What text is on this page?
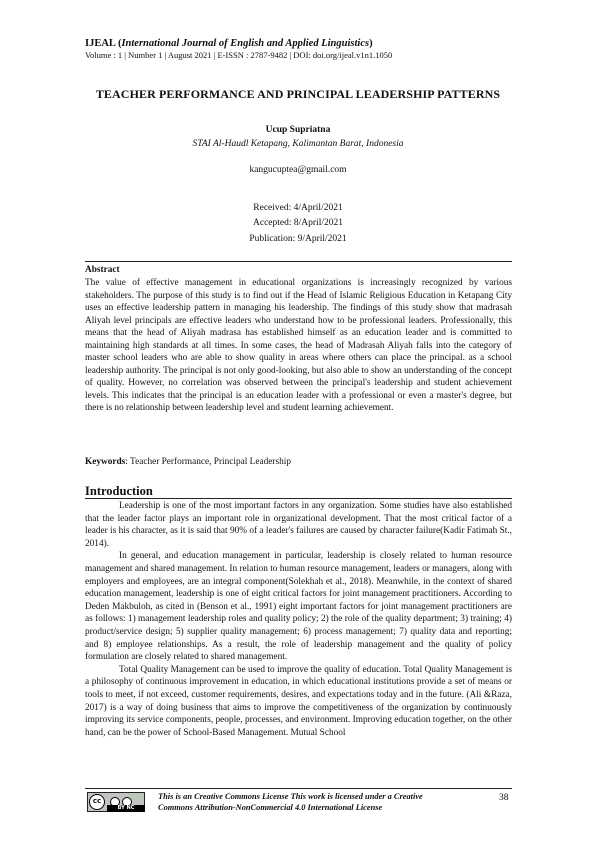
IJEAL (International Journal of English and Applied Linguistics)
Volume : 1 | Number 1 | August 2021 | E-ISSN : 2787-9482 | DOI: doi.org/ijeal.v1n1.1050
TEACHER PERFORMANCE AND PRINCIPAL LEADERSHIP PATTERNS
Ucup Supriatna
STAI Al-Haudl Ketapang, Kalimantan Barat, Indonesia
kangucuptea@gmail.com
Received: 4/April/2021
Accepted: 8/April/2021
Publication: 9/April/2021
Abstract

The value of effective management in educational organizations is increasingly recognized by various stakeholders. The purpose of this study is to find out if the Head of Islamic Religious Education in Ketapang City uses an effective leadership pattern in managing his leadership. The findings of this study show that madrasah Aliyah level principals are effective leaders who understand how to be professional leaders. Professionally, this means that the head of Aliyah madrasa has established himself as an education leader and is committed to maintaining high standards at all times. In some cases, the head of Madrasah Aliyah falls into the category of master school leaders who are able to show quality in areas where others can place the principal. as a school leadership authority. The principal is not only good-looking, but also able to show an understanding of the concept of quality. However, no correlation was observed between the principal's leadership and student achievement levels. This indicates that the principal is an education leader with a professional or even a master's degree, but there is no relationship between leadership level and student learning achievement.

Keywords: Teacher Performance, Principal Leadership
Introduction

Leadership is one of the most important factors in any organization. Some studies have also established that the leader factor plays an important role in organizational development. That the most critical factor of a leader is his character, as it is said that 90% of a leader's failures are caused by character failure(Kadir Fatimah St., 2014).

In general, and education management in particular, leadership is closely related to human resource management and shared management. In relation to human resource management, leaders or managers, along with employers and employees, are an integral component(Solekhah et al., 2018). Meanwhile, in the context of shared education management, leadership is one of eight critical factors for joint management practitioners. According to Deden Makbuloh, as cited in (Benson et al., 1991) eight important factors for joint management practitioners are as follows: 1) management leadership roles and quality policy; 2) the role of the quality department; 3) training; 4) product/service design; 5) supplier quality management; 6) process management; 7) quality data and reporting; and 8) employee relationships. As a result, the role of leadership management and the quality of policy formulation are closely related to shared management.

Total Quality Management can be used to improve the quality of education. Total Quality Management is a philosophy of continuous improvement in education, in which educational institutions provide a set of means or tools to meet, if not exceed, customer requirements, desires, and expectations today and in the future. (Ali &Raza, 2017) is a way of doing business that aims to improve the competitiveness of the organization by continuously improving its service components, people, processes, and environment. Improving education together, on the other hand, can be the power of School-Based Management. Mutual School

cc
BY NC
This is an Creative Commons License This work is licensed under a Creative
Commons Attribution-NonCommercial 4.0 International License
38
